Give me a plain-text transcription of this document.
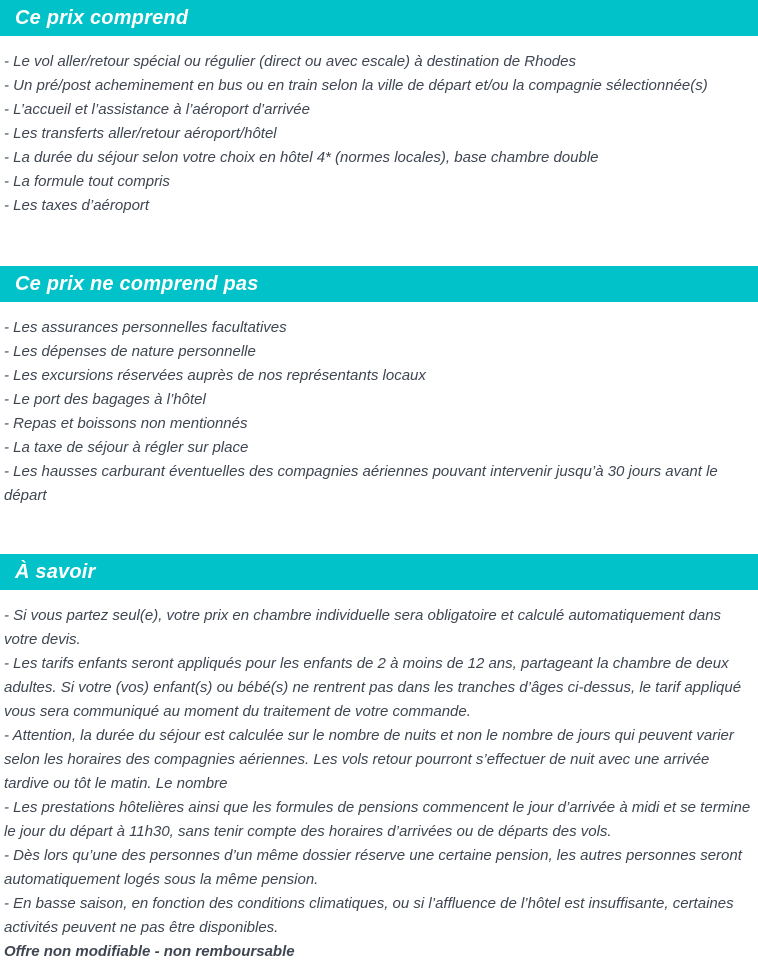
Ce prix comprend
- Le vol aller/retour spécial ou régulier (direct ou avec escale) à destination de Rhodes
- Un pré/post acheminement en bus ou en train selon la ville de départ et/ou la compagnie sélectionnée(s)
- L’accueil et l’assistance à l’aéroport d’arrivée
- Les transferts aller/retour aéroport/hôtel
- La durée du séjour selon votre choix en hôtel 4* (normes locales), base chambre double
- La formule tout compris
- Les taxes d’aéroport
Ce prix ne comprend pas
- Les assurances personnelles facultatives
- Les dépenses de nature personnelle
- Les excursions réservées auprès de nos représentants locaux
- Le port des bagages à l’hôtel
- Repas et boissons non mentionnés
- La taxe de séjour à régler sur place
- Les hausses carburant éventuelles des compagnies aériennes pouvant intervenir jusqu’à 30 jours avant le départ
À savoir
- Si vous partez seul(e), votre prix en chambre individuelle sera obligatoire et calculé automatiquement dans votre devis.
- Les tarifs enfants seront appliqués pour les enfants de 2 à moins de 12 ans, partageant la chambre de deux adultes. Si votre (vos) enfant(s) ou bébé(s) ne rentrent pas dans les tranches d’âges ci-dessus, le tarif appliqué vous sera communiqué au moment du traitement de votre commande.
- Attention, la durée du séjour est calculée sur le nombre de nuits et non le nombre de jours qui peuvent varier selon les horaires des compagnies aériennes. Les vols retour pourront s’effectuer de nuit avec une arrivée tardive ou tôt le matin. Le nombre
- Les prestations hôtelières ainsi que les formules de pensions commencent le jour d’arrivée à midi et se termine le jour du départ à 11h30, sans tenir compte des horaires d’arrivées ou de départs des vols.
- Dès lors qu’une des personnes d’un même dossier réserve une certaine pension, les autres personnes seront automatiquement logés sous la même pension.
- En basse saison, en fonction des conditions climatiques, ou si l’affluence de l’hôtel est insuffisante, certaines activités peuvent ne pas être disponibles.
Offre non modifiable - non remboursable
